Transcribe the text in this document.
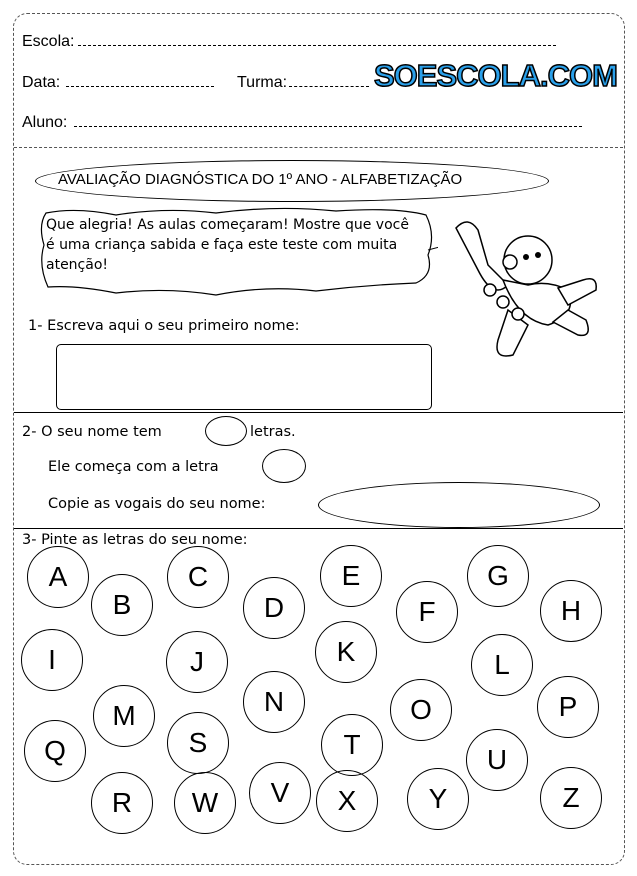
Escola:
Data:	Turma:	SOESCOLA.COM
Aluno:
AVALIAÇÃO DIAGNÓSTICA DO 1º ANO - ALFABETIZAÇÃO
Que alegria! As aulas começaram! Mostre que você é uma criança sabida e faça este teste com muita atenção!
1- Escreva aqui o seu primeiro nome:
2- O seu nome tem	letras.
Ele começa com a letra
Copie as vogais do seu nome:
3- Pinte as letras do seu nome:
A
B
C
D
E
F
G
H
I	J	K	L
M	N	O	P
Q
R
S	T	U
V
W	X	Y	Z
